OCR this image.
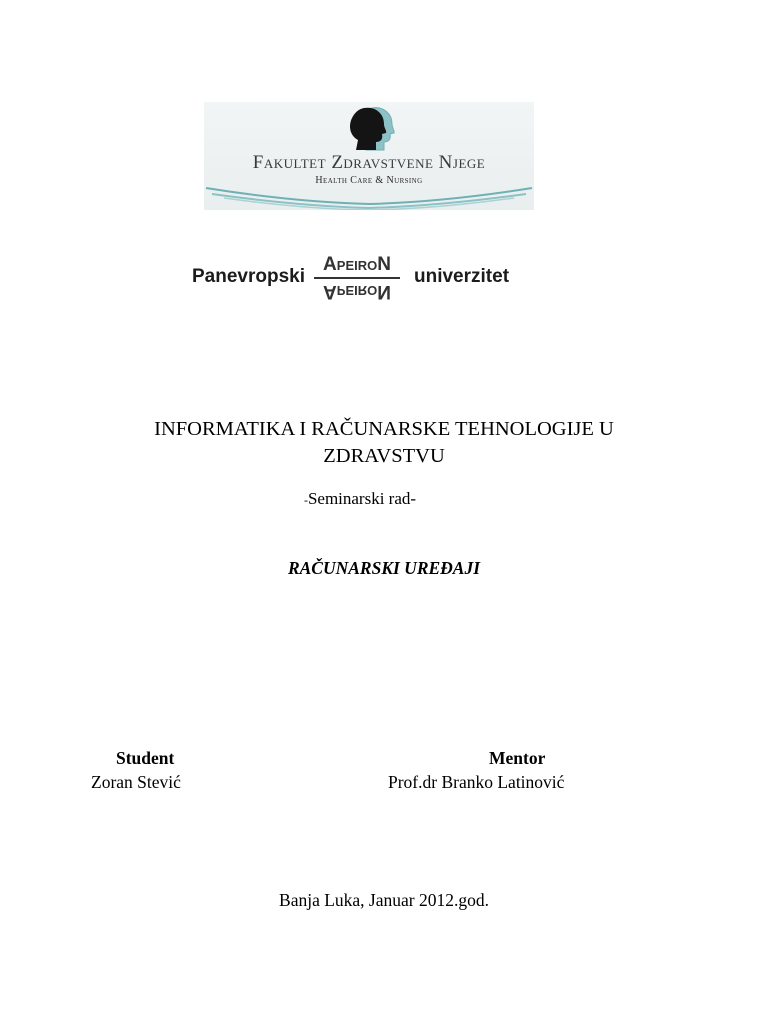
Fakultet Zdravstvene Njege
Health Care & Nursing
Panevropski
ApeiroN
ApeiroN
univerzitet
INFORMATIKA I RAČUNARSKE TEHNOLOGIJE U
ZDRAVSTVU
-Seminarski rad-
RAČUNARSKI UREĐAJI
Student
Zoran Stević
Mentor
Prof.dr Branko Latinović
Banja Luka, Januar 2012.god.
